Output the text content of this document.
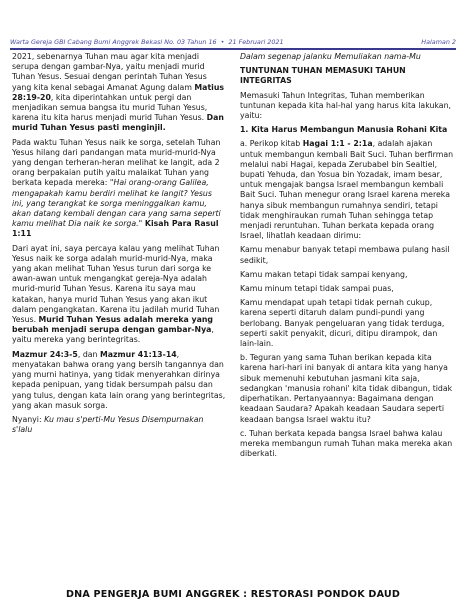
Warta Gereja GBI Cabang Bumi Anggrek Bekasi No. 03 Tahun 16 • 21 Februari 2021	Halaman 2

2021, sebenarnya Tuhan mau agar kita menjadi serupa dengan gambar-Nya, yaitu menjadi murid Tuhan Yesus. Sesuai dengan perintah Tuhan Yesus yang kita kenal sebagai Amanat Agung dalam Matius 28:19-20, kita diperintahkan untuk pergi dan menjadikan semua bangsa itu murid Tuhan Yesus, karena itu kita harus menjadi murid Tuhan Yesus. Dan murid Tuhan Yesus pasti menginjil.

Pada waktu Tuhan Yesus naik ke sorga, setelah Tuhan Yesus hilang dari pandangan mata murid-murid-Nya yang dengan terheran-heran melihat ke langit, ada 2 orang berpakaian putih yaitu malaikat Tuhan yang berkata kepada mereka: "Hai orang-orang Galilea, mengapakah kamu berdiri melihat ke langit? Yesus ini, yang terangkat ke sorga meninggalkan kamu, akan datang kembali dengan cara yang sama seperti kamu melihat Dia naik ke sorga." Kisah Para Rasul 1:11

Dari ayat ini, saya percaya kalau yang melihat Tuhan Yesus naik ke sorga adalah murid-murid-Nya, maka yang akan melihat Tuhan Yesus turun dari sorga ke awan-awan untuk mengangkat gereja-Nya adalah murid-murid Tuhan Yesus. Karena itu saya mau katakan, hanya murid Tuhan Yesus yang akan ikut dalam pengangkatan. Karena itu jadilah murid Tuhan Yesus. Murid Tuhan Yesus adalah mereka yang berubah menjadi serupa dengan gambar-Nya, yaitu mereka yang berintegritas.

Mazmur 24:3-5, dan Mazmur 41:13-14, menyatakan bahwa orang yang bersih tangannya dan yang murni hatinya, yang tidak menyerahkan dirinya kepada penipuan, yang tidak bersumpah palsu dan yang tulus, dengan kata lain orang yang berintegritas, yang akan masuk sorga.

Nyanyi: Ku mau s'perti-Mu Yesus Disempurnakan s'lalu

Dalam segenap jalanku Memuliakan nama-Mu

TUNTUNAN TUHAN MEMASUKI TAHUN INTEGRITAS

Memasuki Tahun Integritas, Tuhan memberikan tuntunan kepada kita hal-hal yang harus kita lakukan, yaitu:

1. Kita Harus Membangun Manusia Rohani Kita

a. Perikop kitab Hagai 1:1 - 2:1a, adalah ajakan untuk membangun kembali Bait Suci. Tuhan berfirman melalui nabi Hagai, kepada Zerubabel bin Sealtiel, bupati Yehuda, dan Yosua bin Yozadak, imam besar, untuk mengajak bangsa Israel membangun kembali Bait Suci. Tuhan menegur orang Israel karena mereka hanya sibuk membangun rumahnya sendiri, tetapi tidak menghiraukan rumah Tuhan sehingga tetap menjadi reruntuhan. Tuhan berkata kepada orang Israel, lihatlah keadaan dirimu:

Kamu menabur banyak tetapi membawa pulang hasil sedikit,

Kamu makan tetapi tidak sampai kenyang,

Kamu minum tetapi tidak sampai puas,

Kamu mendapat upah tetapi tidak pernah cukup, karena seperti ditaruh dalam pundi-pundi yang berlobang. Banyak pengeluaran yang tidak terduga, seperti sakit penyakit, dicuri, ditipu dirampok, dan lain-lain.

b. Teguran yang sama Tuhan berikan kepada kita karena hari-hari ini banyak di antara kita yang hanya sibuk memenuhi kebutuhan jasmani kita saja, sedangkan 'manusia rohani' kita tidak dibangun, tidak diperhatikan. Pertanyaannya: Bagaimana dengan keadaan Saudara? Apakah keadaan Saudara seperti keadaan bangsa Israel waktu itu?

c. Tuhan berkata kepada bangsa Israel bahwa kalau mereka membangun rumah Tuhan maka mereka akan diberkati.

DNA PENGERJA BUMI ANGGREK : RESTORASI PONDOK DAUD
